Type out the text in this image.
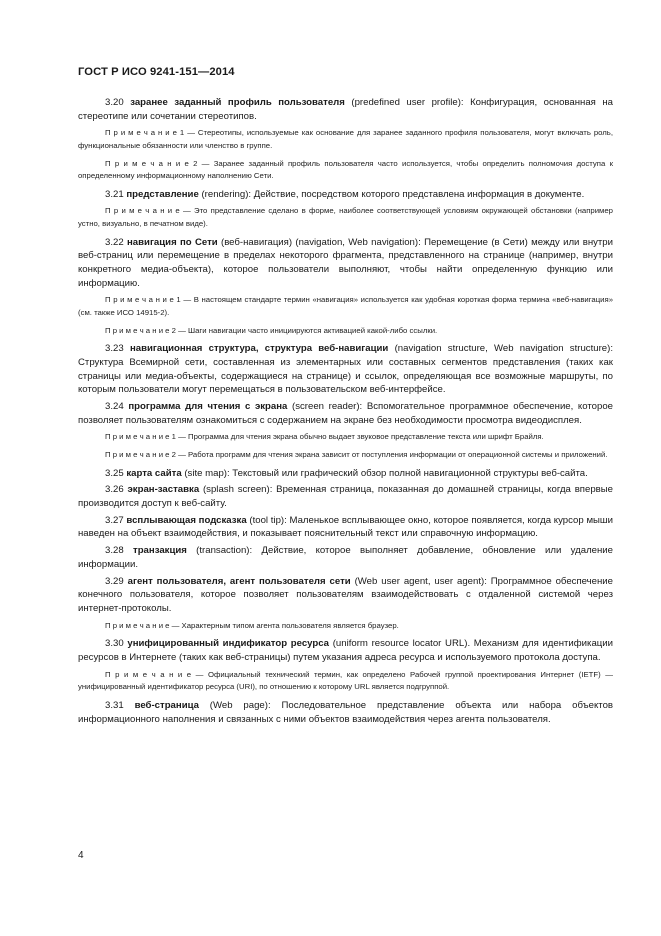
ГОСТ Р ИСО 9241-151—2014

3.20 заранее заданный профиль пользователя (predefined user profile): Конфигурация, основанная на стереотипе или сочетании стереотипов.

П р и м е ч а н и е 1 — Стереотипы, используемые как основание для заранее заданного профиля пользователя, могут включать роль, функциональные обязанности или членство в группе.

П р и м е ч а н и е 2 — Заранее заданный профиль пользователя часто используется, чтобы определить полномочия доступа к определенному информационному наполнению Сети.

3.21 представление (rendering): Действие, посредством которого представлена информация в документе.

П р и м е ч а н и е — Это представление сделано в форме, наиболее соответствующей условиям окружающей обстановки (например устно, визуально, в печатном виде).

3.22 навигация по Сети (веб-навигация) (navigation, Web navigation): Перемещение (в Сети) между или внутри веб-страниц или перемещение в пределах некоторого фрагмента, представленного на странице (например, внутри конкретного медиа-объекта), которое пользователи выполняют, чтобы найти определенную функцию или информацию.

П р и м е ч а н и е 1 — В настоящем стандарте термин «навигация» используется как удобная короткая форма термина «веб-навигация» (см. также ИСО 14915-2).

П р и м е ч а н и е 2 — Шаги навигации часто инициируются активацией какой-либо ссылки.

3.23 навигационная структура, структура веб-навигации (navigation structure, Web navigation structure): Структура Всемирной сети, составленная из элементарных или составных сегментов представления (таких как страницы или медиа-объекты, содержащиеся на странице) и ссылок, определяющая все возможные маршруты, по которым пользователи могут перемещаться в пользовательском веб-интерфейсе.

3.24 программа для чтения с экрана (screen reader): Вспомогательное программное обеспечение, которое позволяет пользователям ознакомиться с содержанием на экране без необходимости просмотра видеодисплея.

П р и м е ч а н и е 1 — Программа для чтения экрана обычно выдает звуковое представление текста или шрифт Брайля.

П р и м е ч а н и е 2 — Работа программ для чтения экрана зависит от поступления информации от операционной системы и приложений.

3.25 карта сайта (site map): Текстовый или графический обзор полной навигационной структуры веб-сайта.

3.26 экран-заставка (splash screen): Временная страница, показанная до домашней страницы, когда впервые производится доступ к веб-сайту.

3.27 всплывающая подсказка (tool tip): Маленькое всплывающее окно, которое появляется, когда курсор мыши наведен на объект взаимодействия, и показывает пояснительный текст или справочную информацию.

3.28 транзакция (transaction): Действие, которое выполняет добавление, обновление или удаление информации.

3.29 агент пользователя, агент пользователя сети (Web user agent, user agent): Программное обеспечение конечного пользователя, которое позволяет пользователям взаимодействовать с отдаленной системой через интернет-протоколы.

П р и м е ч а н и е — Характерным типом агента пользователя является браузер.

3.30 унифицированный индификатор ресурса (uniform resource locator URL). Механизм для идентификации ресурсов в Интернете (таких как веб-страницы) путем указания адреса ресурса и используемого протокола доступа.

П р и м е ч а н и е — Официальный технический термин, как определено Рабочей группой проектирования Интернет (IETF) — унифицированный идентификатор ресурса (URI), по отношению к которому URL является подгруппой.

3.31 веб-страница (Web page): Последовательное представление объекта или набора объектов информационного наполнения и связанных с ними объектов взаимодействия через агента пользователя.

4
